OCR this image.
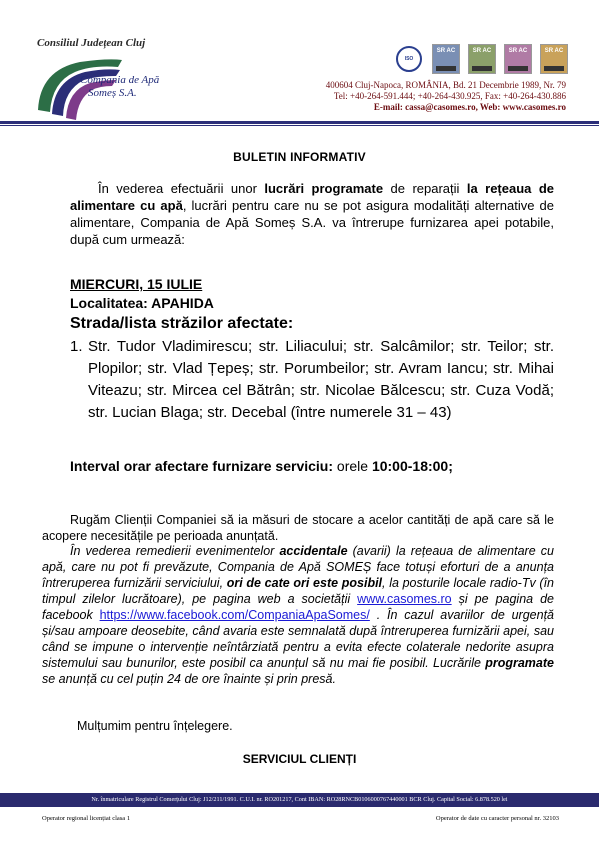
Consiliul Județean Cluj
Compania de Apă
Someș S.A.
ISO
SR AC	SR AC	SR AC	SR AC
400604 Cluj-Napoca, ROMÂNIA, Bd. 21 Decembrie 1989, Nr. 79
Tel: +40-264-591.444; +40-264-430.925, Fax: +40-264-430.886
E-mail: cassa@casomes.ro, Web: www.casomes.ro
BULETIN INFORMATIV

În vederea efectuării unor lucrări programate de reparații la rețeaua de alimentare cu apă, lucrări pentru care nu se pot asigura modalități alternative de alimentare, Compania de Apă Someș S.A. va întrerupe furnizarea apei potabile, după cum urmează:

MIERCURI, 15 IULIE
Localitatea: APAHIDA
Strada/lista străzilor afectate:
1. Str. Tudor Vladimirescu; str. Liliacului; str. Salcâmilor; str. Teilor; str. Plopilor; str. Vlad Țepeș; str. Porumbeilor; str. Avram Iancu; str. Mihai Viteazu; str. Mircea cel Bătrân; str. Nicolae Bălcescu; str. Cuza Vodă; str. Lucian Blaga; str. Decebal (între numerele 31 – 43)
Interval orar afectare furnizare serviciu: orele 10:00-18:00;

Rugăm Clienții Companiei să ia măsuri de stocare a acelor cantități de apă care să le acopere necesitățile pe perioada anunțată.

În vederea remedierii evenimentelor accidentale (avarii) la rețeaua de alimentare cu apă, care nu pot fi prevăzute, Compania de Apă SOMEȘ face totuși eforturi de a anunța întreruperea furnizării serviciului, ori de cate ori este posibil, la posturile locale radio-Tv (în timpul zilelor lucrătoare), pe pagina web a societății www.casomes.ro și pe pagina de facebook https://www.facebook.com/CompaniaApaSomes/ . În cazul avariilor de urgență și/sau ampoare deosebite, când avaria este semnalată după întreruperea furnizării apei, sau când se impune o intervenție neîntârziată pentru a evita efecte colaterale nedorite asupra sistemului sau bunurilor, este posibil ca anunțul să nu mai fie posibil. Lucrările programate se anunță cu cel puțin 24 de ore înainte și prin presă.

Mulțumim pentru înțelegere.
SERVICIUL CLIENȚI
Nr. înmatriculare Registrul Comerțului Cluj: J12/211/1991. C.U.I. nr. RO201217, Cont IBAN: RO28RNCB0106000767440001 BCR Cluj. Capital Social: 6.878.520 lei
Operator regional licențiat clasa 1	Operator de date cu caracter personal nr. 32103
